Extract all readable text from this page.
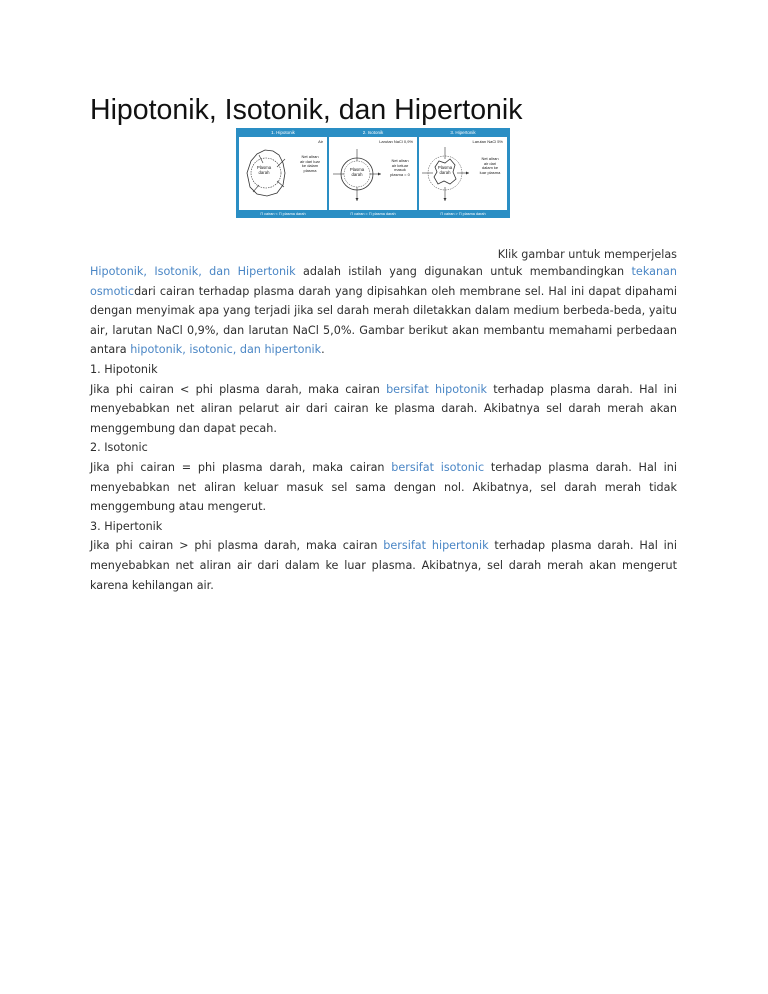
Hipotonik, Isotonik, dan Hipertonik
1. Hipotonik
Air
Plasma darah
Net aliran air dari luar ke dalam plasma
Π cairan < Π plasma darah
2. Isotonik
Larutan NaCl 0,9%
Plasma darah
Net aliran air keluar masuk plasma = 0
Π cairan = Π plasma darah
3. Hipertonik
Larutan NaCl 5%
Plasma darah
Net aliran air dari dalam ke luar plasma
Π cairan > Π plasma darah
Klik gambar untuk memperjelas

Hipotonik, Isotonik, dan Hipertonik adalah istilah yang digunakan untuk membandingkan tekanan osmoticdari cairan terhadap plasma darah yang dipisahkan oleh membrane sel. Hal ini dapat dipahami dengan menyimak apa yang terjadi jika sel darah merah diletakkan dalam medium berbeda-beda, yaitu air, larutan NaCl 0,9%, dan larutan NaCl 5,0%. Gambar berikut akan membantu memahami perbedaan antara hipotonik, isotonic, dan hipertonik.

1. Hipotonik

Jika phi cairan < phi plasma darah, maka cairan bersifat hipotonik terhadap plasma darah. Hal ini menyebabkan net aliran pelarut air dari cairan ke plasma darah. Akibatnya sel darah merah akan menggembung dan dapat pecah.

2. Isotonic

Jika phi cairan = phi plasma darah, maka cairan bersifat isotonic terhadap plasma darah. Hal ini menyebabkan net aliran keluar masuk sel sama dengan nol. Akibatnya, sel darah merah tidak menggembung atau mengerut.

3. Hipertonik

Jika phi cairan > phi plasma darah, maka cairan bersifat hipertonik terhadap plasma darah. Hal ini menyebabkan net aliran air dari dalam ke luar plasma. Akibatnya, sel darah merah akan mengerut karena kehilangan air.
